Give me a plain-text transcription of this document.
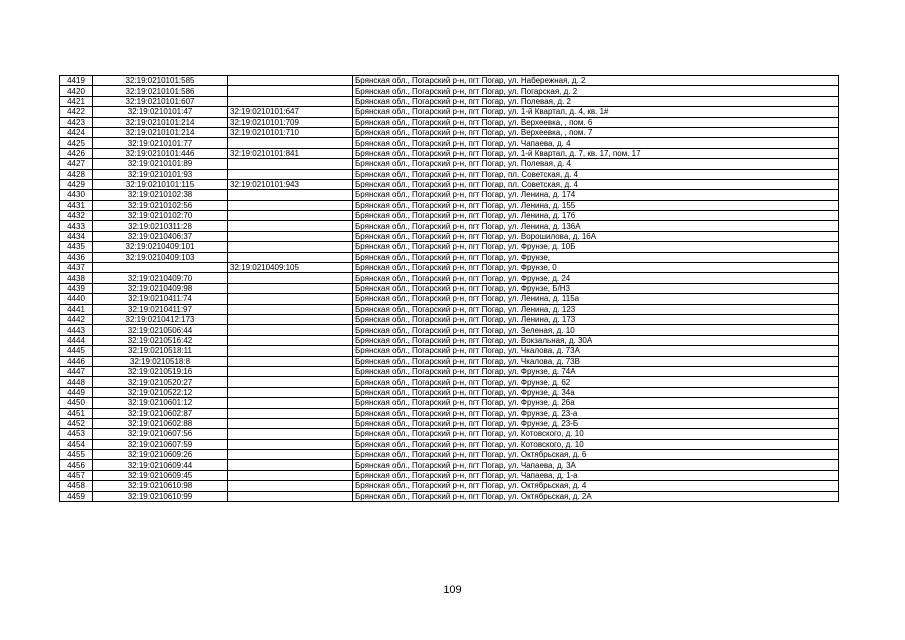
4419	32:19:0210101:585		Брянская обл., Погарский р-н, пгт Погар, ул. Набережная, д. 2
4420	32:19:0210101:586		Брянская обл., Погарский р-н, пгт Погар, ул. Погарская, д. 2
4421	32:19:0210101:607		Брянская обл., Погарский р-н, пгт Погар, ул. Полевая, д. 2
4422	32:19:0210101:47	32:19:0210101:647	Брянская обл., Погарский р-н, пгт Погар, ул. 1-й Квартал, д. 4, кв. 1#
4423	32:19:0210101:214	32:19:0210101:709	Брянская обл., Погарский р-н, пгт Погар, ул. Верхеевка, , пом. 6
4424	32:19:0210101:214	32:19:0210101:710	Брянская обл., Погарский р-н, пгт Погар, ул. Верхеевка, , пом. 7
4425	32:19:0210101:77		Брянская обл., Погарский р-н, пгт Погар, ул. Чапаева, д. 4
4426	32:19:0210101:446	32:19:0210101:841	Брянская обл., Погарский р-н, пгт Погар, ул. 1-й Квартал, д. 7, кв. 17, пом. 17
4427	32:19:0210101:89		Брянская обл., Погарский р-н, пгт Погар, ул. Полевая, д. 4
4428	32:19:0210101:93		Брянская обл., Погарский р-н, пгт Погар, пл. Советская, д. 4
4429	32:19:0210101:115	32:19:0210101:943	Брянская обл., Погарский р-н, пгт Погар, пл. Советская, д. 4
4430	32:19:0210102:38		Брянская обл., Погарский р-н, пгт Погар, ул. Ленина, д. 174
4431	32:19:0210102:56		Брянская обл., Погарский р-н, пгт Погар, ул. Ленина, д. 155
4432	32:19:0210102:70		Брянская обл., Погарский р-н, пгт Погар, ул. Ленина, д. 176
4433	32:19:0210311:28		Брянская обл., Погарский р-н, пгт Погар, ул. Ленина, д. 136А
4434	32:19:0210406:37		Брянская обл., Погарский р-н, пгт Погар, ул. Ворошилова, д. 16А
4435	32:19:0210409:101		Брянская обл., Погарский р-н, пгт Погар, ул. Фрунзе, д. 10Б
4436	32:19:0210409:103		Брянская обл., Погарский р-н, пгт Погар, ул. Фрунзе,
4437		32:19:0210409:105	Брянская обл., Погарский р-н, пгт Погар, ул. Фрунзе, 0
4438	32:19:0210409:70		Брянская обл., Погарский р-н, пгт Погар, ул. Фрунзе, д. 24
4439	32:19:0210409:98		Брянская обл., Погарский р-н, пгт Погар, ул. Фрунзе, Б/Н3
4440	32:19:0210411:74		Брянская обл., Погарский р-н, пгт Погар, ул. Ленина, д. 115а
4441	32:19:0210411:97		Брянская обл., Погарский р-н, пгт Погар, ул. Ленина, д. 123
4442	32:19:0210412:173		Брянская обл., Погарский р-н, пгт Погар, ул. Ленина, д. 173
4443	32:19:0210506:44		Брянская обл., Погарский р-н, пгт Погар, ул. Зеленая, д. 10
4444	32:19:0210516:42		Брянская обл., Погарский р-н, пгт Погар, ул. Вокзальная, д. 30А
4445	32:19:0210518:11		Брянская обл., Погарский р-н, пгт Погар, ул. Чкалова, д. 73А
4446	32:19:0210518:8		Брянская обл., Погарский р-н, пгт Погар, ул. Чкалова, д. 73В
4447	32:19:0210519:16		Брянская обл., Погарский р-н, пгт Погар, ул. Фрунзе, д. 74А
4448	32:19:0210520:27		Брянская обл., Погарский р-н, пгт Погар, ул. Фрунзе, д. 62
4449	32:19:0210522:12		Брянская обл., Погарский р-н, пгт Погар, ул. Фрунзе, д. 34а
4450	32:19:0210601:12		Брянская обл., Погарский р-н, пгт Погар, ул. Фрунзе, д. 26а
4451	32:19:0210602:87		Брянская обл., Погарский р-н, пгт Погар, ул. Фрунзе, д. 23-а
4452	32:19:0210602:88		Брянская обл., Погарский р-н, пгт Погар, ул. Фрунзе, д. 23-Б
4453	32:19:0210607:56		Брянская обл., Погарский р-н, пгт Погар, ул. Котовского, д. 10
4454	32:19:0210607:59		Брянская обл., Погарский р-н, пгт Погар, ул. Котовского, д. 10
4455	32:19:0210609:26		Брянская обл., Погарский р-н, пгт Погар, ул. Октябрьская, д. 6
4456	32:19:0210609:44		Брянская обл., Погарский р-н, пгт Погар, ул. Чапаева, д. 3А
4457	32:19:0210609:45		Брянская обл., Погарский р-н, пгт Погар, ул. Чапаева, д. 1-а
4458	32:19:0210610:98		Брянская обл., Погарский р-н, пгт Погар, ул. Октябрьская, д. 4
4459	32:19:0210610:99		Брянская обл., Погарский р-н, пгт Погар, ул. Октябрьская, д. 2А
109
